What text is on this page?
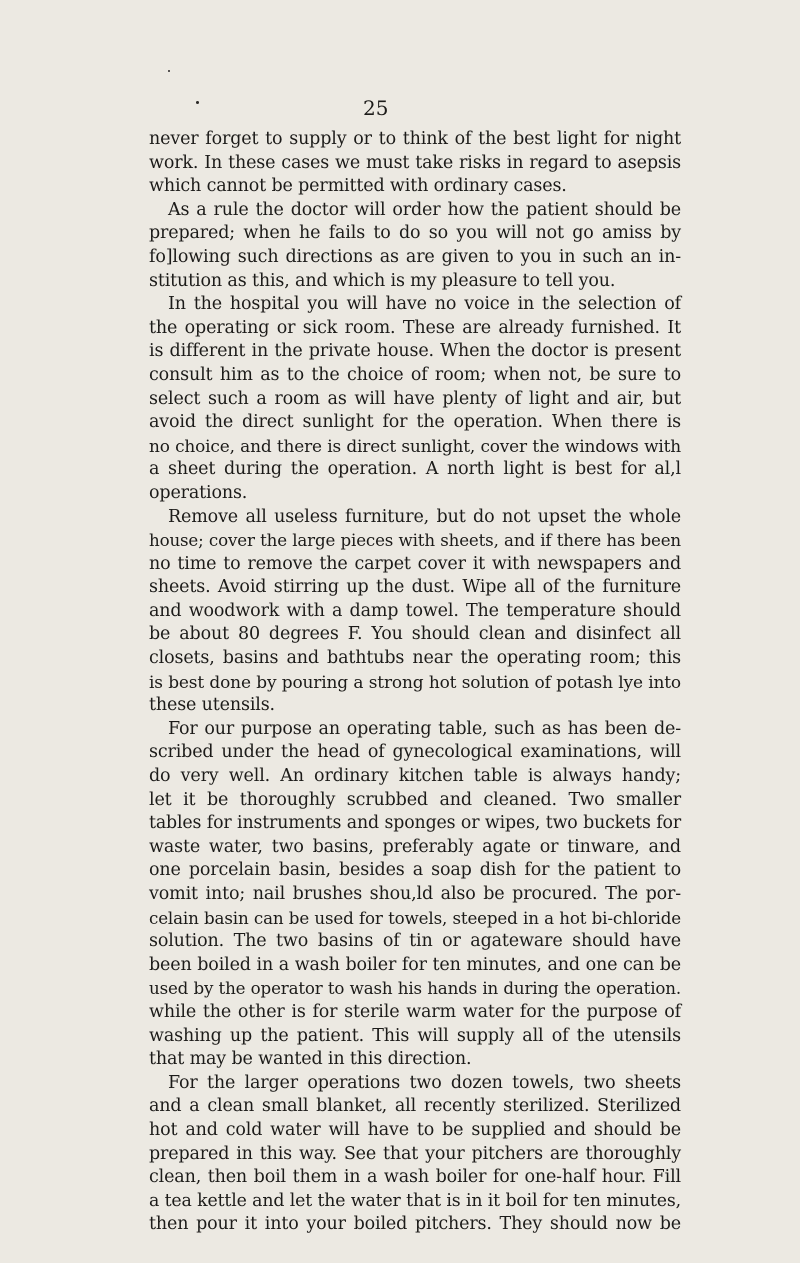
25
never forget to supply or to think of the best light for night
work. In these cases we must take risks in regard to asepsis
which cannot be permitted with ordinary cases.
As a rule the doctor will order how the patient should be
prepared; when he fails to do so you will not go amiss by
fo]lowing such directions as are given to you in such an in-
stitution as this, and which is my pleasure to tell you.
In the hospital you will have no voice in the selection of
the operating or sick room. These are already furnished. It
is different in the private house. When the doctor is present
consult him as to the choice of room; when not, be sure to
select such a room as will have plenty of light and air, but
avoid the direct sunlight for the operation. When there is
no choice, and there is direct sunlight, cover the windows with
a sheet during the operation. A north light is best for al,l
operations.
Remove all useless furniture, but do not upset the whole
house; cover the large pieces with sheets, and if there has been
no time to remove the carpet cover it with newspapers and
sheets. Avoid stirring up the dust. Wipe all of the furniture
and woodwork with a damp towel. The temperature should
be about 80 degrees F. You should clean and disinfect all
closets, basins and bathtubs near the operating room; this
is best done by pouring a strong hot solution of potash lye into
these utensils.
For our purpose an operating table, such as has been de-
scribed under the head of gynecological examinations, will
do very well. An ordinary kitchen table is always handy;
let it be thoroughly scrubbed and cleaned. Two smaller
tables for instruments and sponges or wipes, two buckets for
waste water, two basins, preferably agate or tinware, and
one porcelain basin, besides a soap dish for the patient to
vomit into; nail brushes shou,ld also be procured. The por-
celain basin can be used for towels, steeped in a hot bi-chloride
solution. The two basins of tin or agateware should have
been boiled in a wash boiler for ten minutes, and one can be
used by the operator to wash his hands in during the operation.
while the other is for sterile warm water for the purpose of
washing up the patient. This will supply all of the utensils
that may be wanted in this direction.
For the larger operations two dozen towels, two sheets
and a clean small blanket, all recently sterilized. Sterilized
hot and cold water will have to be supplied and should be
prepared in this way. See that your pitchers are thoroughly
clean, then boil them in a wash boiler for one-half hour. Fill
a tea kettle and let the water that is in it boil for ten minutes,
then pour it into your boiled pitchers. They should now be
